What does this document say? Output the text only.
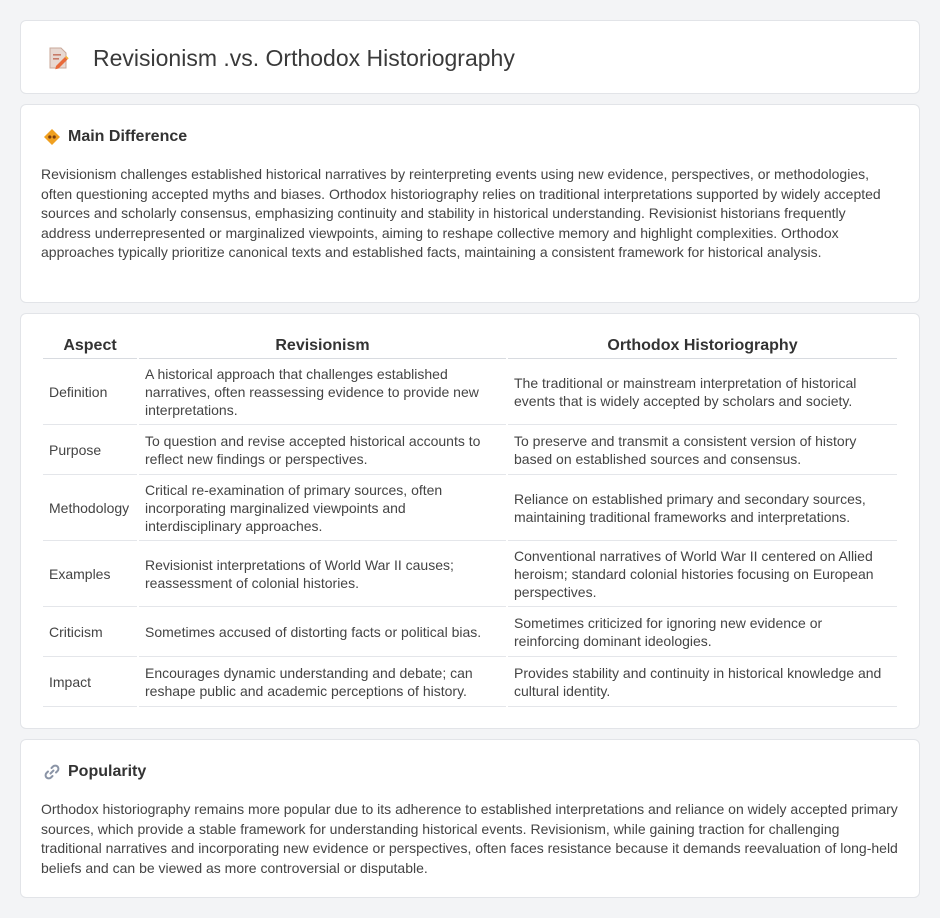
Revisionism .vs. Orthodox Historiography
Main Difference

Revisionism challenges established historical narratives by reinterpreting events using new evidence, perspectives, or methodologies, often questioning accepted myths and biases. Orthodox historiography relies on traditional interpretations supported by widely accepted sources and scholarly consensus, emphasizing continuity and stability in historical understanding. Revisionist historians frequently address underrepresented or marginalized viewpoints, aiming to reshape collective memory and highlight complexities. Orthodox approaches typically prioritize canonical texts and established facts, maintaining a consistent framework for historical analysis.

Aspect	Revisionism	Orthodox Historiography
Definition	A historical approach that challenges established narratives, often reassessing evidence to provide new interpretations.	The traditional or mainstream interpretation of historical events that is widely accepted by scholars and society.
Purpose	To question and revise accepted historical accounts to reflect new findings or perspectives.	To preserve and transmit a consistent version of history based on established sources and consensus.
Methodology	Critical re-examination of primary sources, often incorporating marginalized viewpoints and interdisciplinary approaches.	Reliance on established primary and secondary sources, maintaining traditional frameworks and interpretations.
Examples	Revisionist interpretations of World War II causes; reassessment of colonial histories.	Conventional narratives of World War II centered on Allied heroism; standard colonial histories focusing on European perspectives.
Criticism	Sometimes accused of distorting facts or political bias.	Sometimes criticized for ignoring new evidence or reinforcing dominant ideologies.
Impact	Encourages dynamic understanding and debate; can reshape public and academic perceptions of history.	Provides stability and continuity in historical knowledge and cultural identity.
Popularity

Orthodox historiography remains more popular due to its adherence to established interpretations and reliance on widely accepted primary sources, which provide a stable framework for understanding historical events. Revisionism, while gaining traction for challenging traditional narratives and incorporating new evidence or perspectives, often faces resistance because it demands reevaluation of long-held beliefs and can be viewed as more controversial or disputable.
